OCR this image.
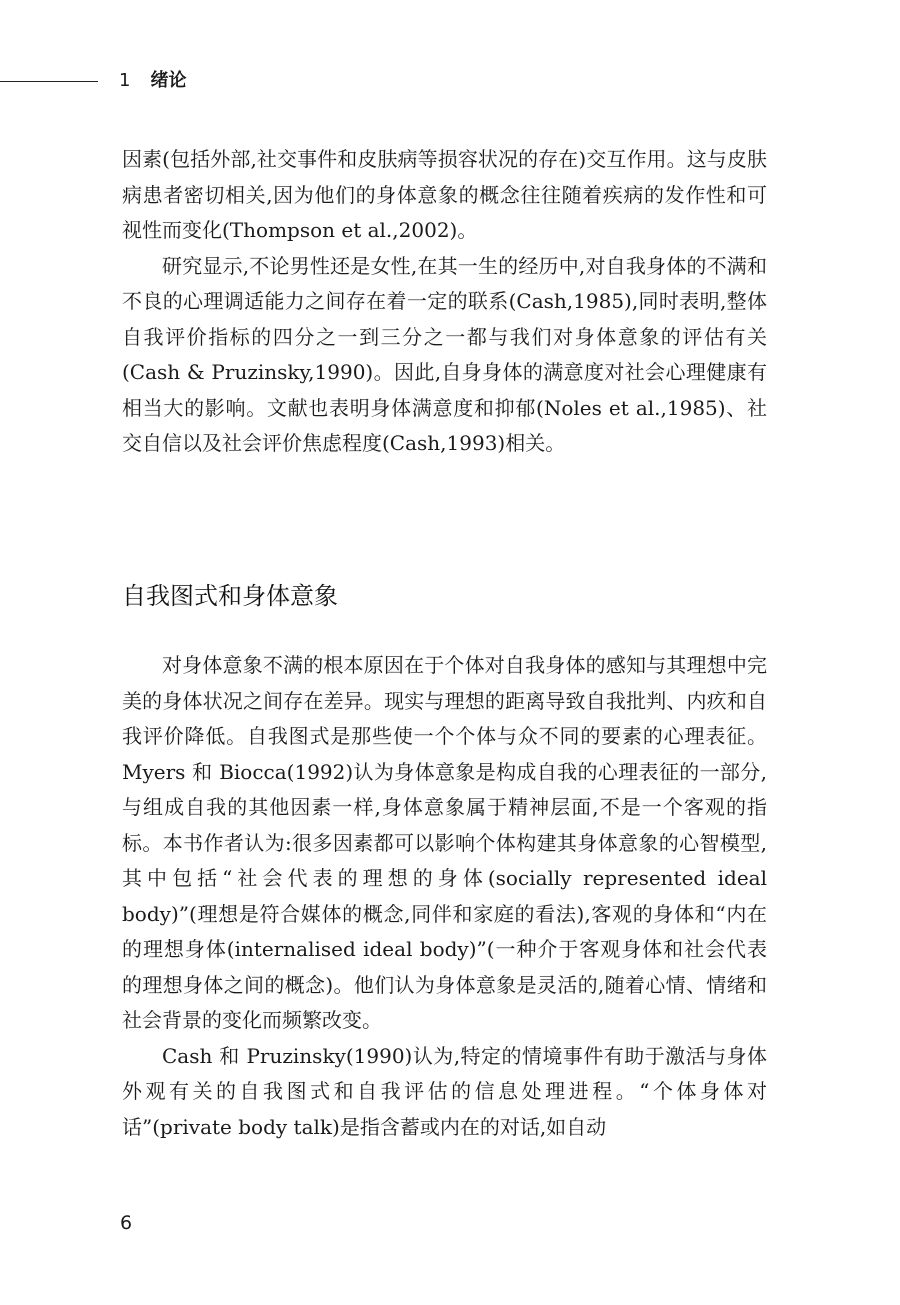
1 绪论

因素(包括外部,社交事件和皮肤病等损容状况的存在)交互作用。这与皮肤病患者密切相关,因为他们的身体意象的概念往往随着疾病的发作性和可视性而变化(Thompson et al.,2002)。

研究显示,不论男性还是女性,在其一生的经历中,对自我身体的不满和不良的心理调适能力之间存在着一定的联系(Cash,1985),同时表明,整体自我评价指标的四分之一到三分之一都与我们对身体意象的评估有关(Cash & Pruzinsky,1990)。因此,自身身体的满意度对社会心理健康有相当大的影响。文献也表明身体满意度和抑郁(Noles et al.,1985)、社交自信以及社会评价焦虑程度(Cash,1993)相关。

自我图式和身体意象

对身体意象不满的根本原因在于个体对自我身体的感知与其理想中完美的身体状况之间存在差异。现实与理想的距离导致自我批判、内疚和自我评价降低。自我图式是那些使一个个体与众不同的要素的心理表征。Myers 和 Biocca(1992)认为身体意象是构成自我的心理表征的一部分,与组成自我的其他因素一样,身体意象属于精神层面,不是一个客观的指标。本书作者认为:很多因素都可以影响个体构建其身体意象的心智模型,其中包括“社会代表的理想的身体(socially represented ideal body)”(理想是符合媒体的概念,同伴和家庭的看法),客观的身体和“内在的理想身体(internalised ideal body)”(一种介于客观身体和社会代表的理想身体之间的概念)。他们认为身体意象是灵活的,随着心情、情绪和社会背景的变化而频繁改变。

Cash 和 Pruzinsky(1990)认为,特定的情境事件有助于激活与身体外观有关的自我图式和自我评估的信息处理进程。“个体身体对话”(private body talk)是指含蓄或内在的对话,如自动

6
